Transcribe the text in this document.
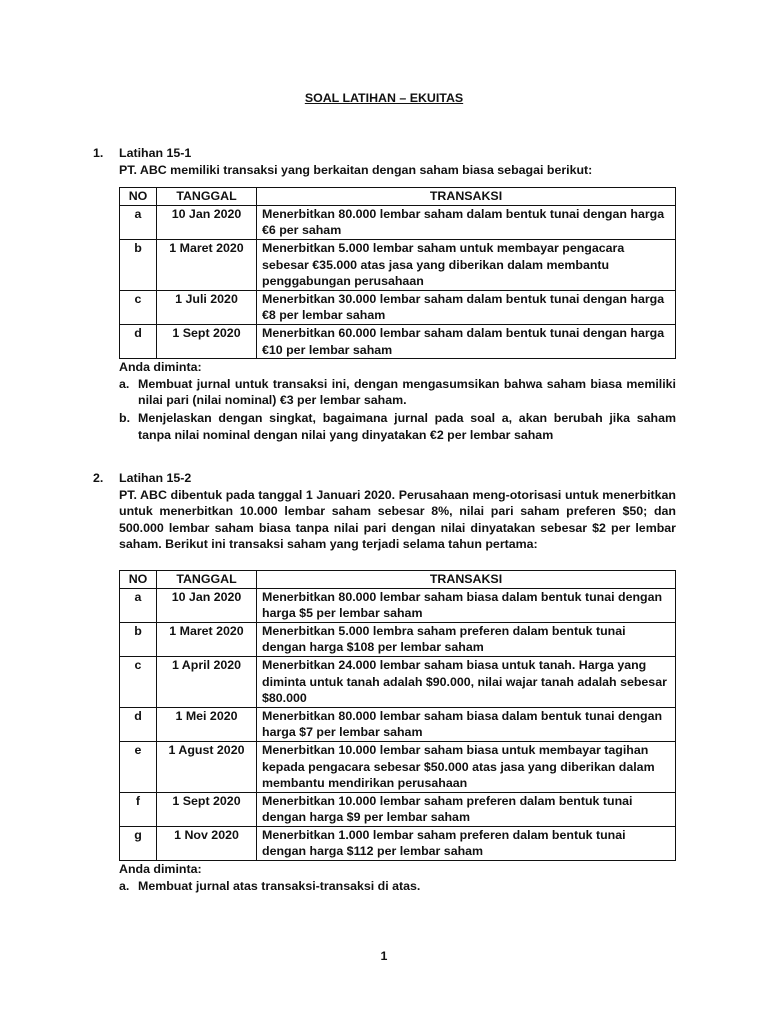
SOAL LATIHAN – EKUITAS
1. Latihan 15-1
PT. ABC memiliki transaksi yang berkaitan dengan saham biasa sebagai berikut:
NO	TANGGAL	TRANSAKSI
a	10 Jan 2020	Menerbitkan 80.000 lembar saham dalam bentuk tunai dengan harga €6 per saham
b	1 Maret 2020	Menerbitkan 5.000 lembar saham untuk membayar pengacara sebesar €35.000 atas jasa yang diberikan dalam membantu penggabungan perusahaan
c	1 Juli 2020	Menerbitkan 30.000 lembar saham dalam bentuk tunai dengan harga €8 per lembar saham
d	1 Sept 2020	Menerbitkan 60.000 lembar saham dalam bentuk tunai dengan harga €10 per lembar saham
Anda diminta:
a. Membuat jurnal untuk transaksi ini, dengan mengasumsikan bahwa saham biasa memiliki nilai pari (nilai nominal) €3 per lembar saham.
b. Menjelaskan dengan singkat, bagaimana jurnal pada soal a, akan berubah jika saham tanpa nilai nominal dengan nilai yang dinyatakan €2 per lembar saham
2. Latihan 15-2
PT. ABC dibentuk pada tanggal 1 Januari 2020. Perusahaan meng-otorisasi untuk menerbitkan untuk menerbitkan 10.000 lembar saham sebesar 8%, nilai pari saham preferen $50; dan 500.000 lembar saham biasa tanpa nilai pari dengan nilai dinyatakan sebesar $2 per lembar saham. Berikut ini transaksi saham yang terjadi selama tahun pertama:
NO	TANGGAL	TRANSAKSI
a	10 Jan 2020	Menerbitkan 80.000 lembar saham biasa dalam bentuk tunai dengan harga $5 per lembar saham
b	1 Maret 2020	Menerbitkan 5.000 lembra saham preferen dalam bentuk tunai dengan harga $108 per lembar saham
c	1 April 2020	Menerbitkan 24.000 lembar saham biasa untuk tanah. Harga yang diminta untuk tanah adalah $90.000, nilai wajar tanah adalah sebesar $80.000
d	1 Mei 2020	Menerbitkan 80.000 lembar saham biasa dalam bentuk tunai dengan harga $7 per lembar saham
e	1 Agust 2020	Menerbitkan 10.000 lembar saham biasa untuk membayar tagihan kepada pengacara sebesar $50.000 atas jasa yang diberikan dalam membantu mendirikan perusahaan
f	1 Sept 2020	Menerbitkan 10.000 lembar saham preferen dalam bentuk tunai dengan harga $9 per lembar saham
g	1 Nov 2020	Menerbitkan 1.000 lembar saham preferen dalam bentuk tunai dengan harga $112 per lembar saham
Anda diminta:
a. Membuat jurnal atas transaksi-transaksi di atas.
1
